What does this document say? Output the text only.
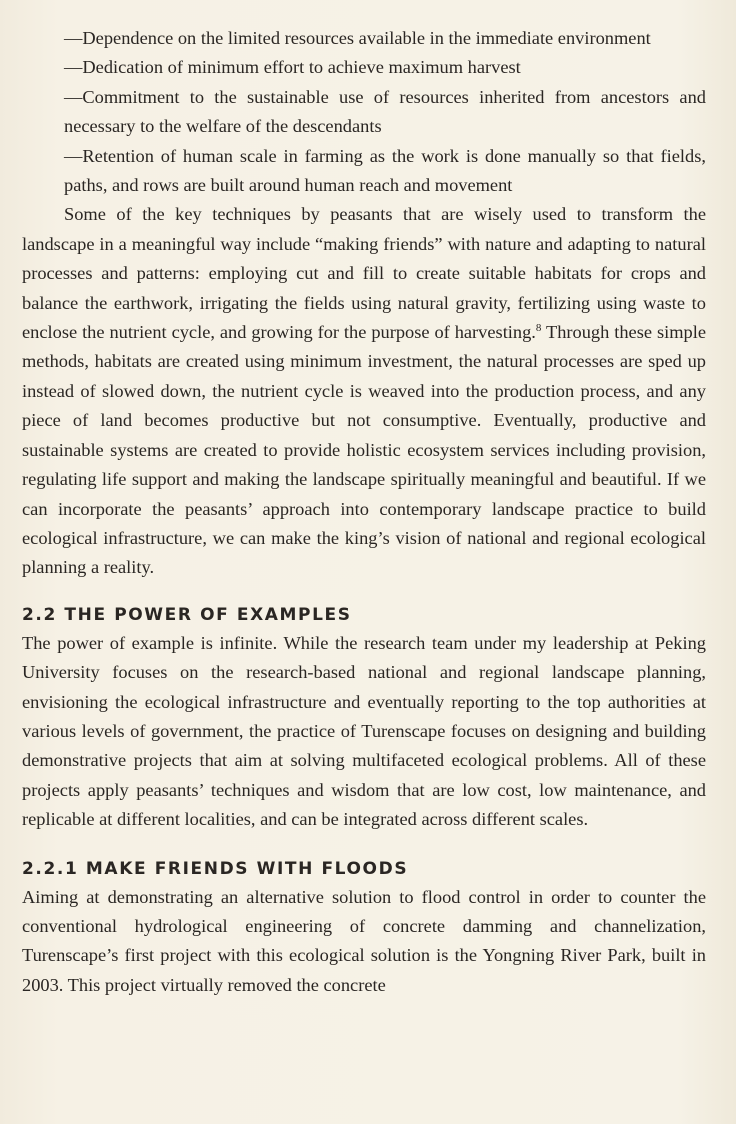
—Dependence on the limited resources available in the immediate environment

—Dedication of minimum effort to achieve maximum harvest

—Commitment to the sustainable use of resources inherited from ancestors and necessary to the welfare of the descendants

—Retention of human scale in farming as the work is done manually so that fields, paths, and rows are built around human reach and movement

Some of the key techniques by peasants that are wisely used to transform the landscape in a meaningful way include “making friends” with nature and adapting to natural processes and patterns: employing cut and fill to create suitable habitats for crops and balance the earthwork, irrigating the fields using natural gravity, fertilizing using waste to enclose the nutrient cycle, and growing for the purpose of harvesting.$^8$ Through these simple methods, habitats are created using minimum investment, the natural processes are sped up instead of slowed down, the nutrient cycle is weaved into the production process, and any piece of land becomes productive but not consumptive. Eventually, productive and sustainable systems are created to provide holistic ecosystem services including provision, regulating life support and making the landscape spiritually meaningful and beautiful. If we can incorporate the peasants’ approach into contemporary landscape practice to build ecological infrastructure, we can make the king’s vision of national and regional ecological planning a reality.

2.2 THE POWER OF EXAMPLES

The power of example is infinite. While the research team under my leadership at Peking University focuses on the research-based national and regional landscape planning, envisioning the ecological infrastructure and eventually reporting to the top authorities at various levels of government, the practice of Turenscape focuses on designing and building demonstrative projects that aim at solving multifaceted ecological problems. All of these projects apply peasants’ techniques and wisdom that are low cost, low maintenance, and replicable at different localities, and can be integrated across different scales.

2.2.1 MAKE FRIENDS WITH FLOODS

Aiming at demonstrating an alternative solution to flood control in order to counter the conventional hydrological engineering of concrete damming and channelization, Turenscape’s first project with this ecological solution is the Yongning River Park, built in 2003. This project virtually removed the concrete
